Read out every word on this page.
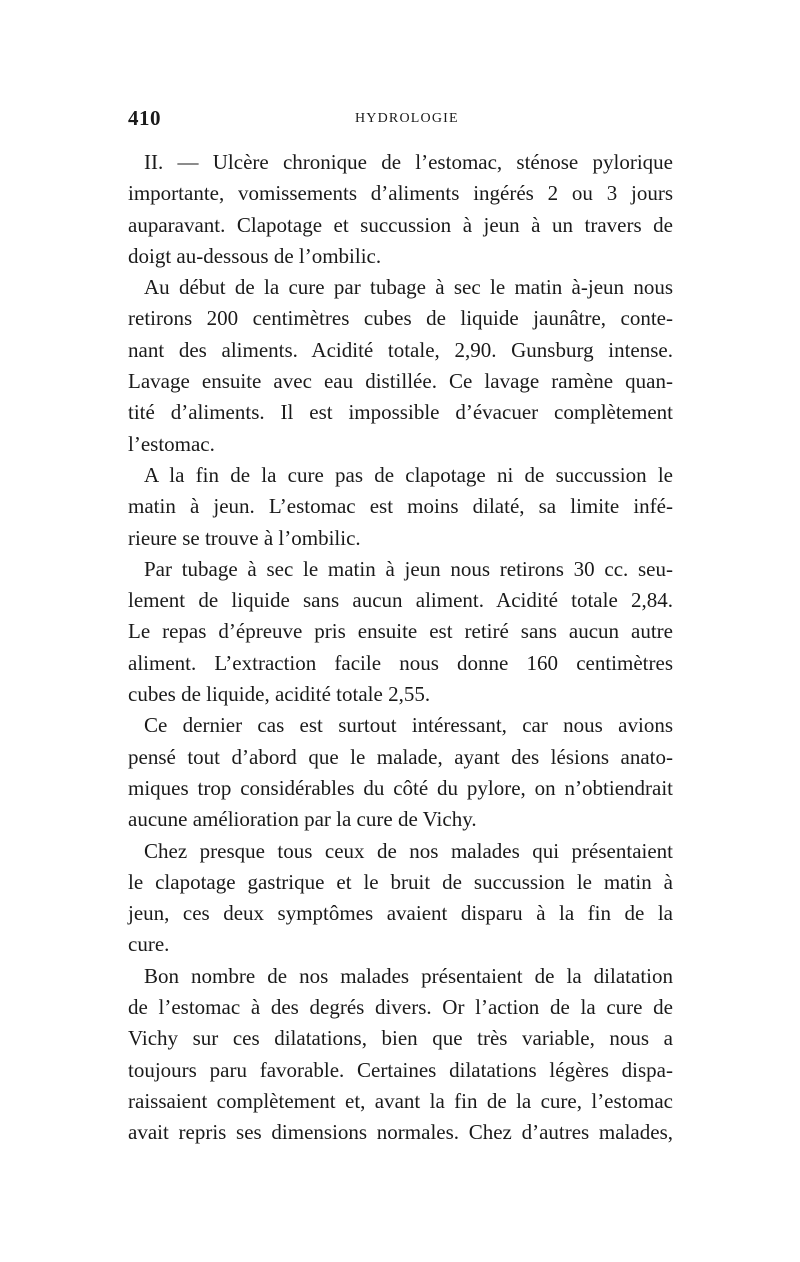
410	HYDROLOGIE
II. — Ulcère chronique de l’estomac, sténose pylorique
importante, vomissements d’aliments ingérés 2 ou 3 jours
auparavant. Clapotage et succussion à jeun à un travers de
doigt au-dessous de l’ombilic.
Au début de la cure par tubage à sec le matin à-jeun nous
retirons 200 centimètres cubes de liquide jaunâtre, conte-
nant des aliments. Acidité totale, 2,90. Gunsburg intense.
Lavage ensuite avec eau distillée. Ce lavage ramène quan-
tité d’aliments. Il est impossible d’évacuer complètement
l’estomac.
A la fin de la cure pas de clapotage ni de succussion le
matin à jeun. L’estomac est moins dilaté, sa limite infé-
rieure se trouve à l’ombilic.
Par tubage à sec le matin à jeun nous retirons 30 cc. seu-
lement de liquide sans aucun aliment. Acidité totale 2,84.
Le repas d’épreuve pris ensuite est retiré sans aucun autre
aliment. L’extraction facile nous donne 160 centimètres
cubes de liquide, acidité totale 2,55.
Ce dernier cas est surtout intéressant, car nous avions
pensé tout d’abord que le malade, ayant des lésions anato-
miques trop considérables du côté du pylore, on n’obtiendrait
aucune amélioration par la cure de Vichy.
Chez presque tous ceux de nos malades qui présentaient
le clapotage gastrique et le bruit de succussion le matin à
jeun, ces deux symptômes avaient disparu à la fin de la
cure.
Bon nombre de nos malades présentaient de la dilatation
de l’estomac à des degrés divers. Or l’action de la cure de
Vichy sur ces dilatations, bien que très variable, nous a
toujours paru favorable. Certaines dilatations légères dispa-
raissaient complètement et, avant la fin de la cure, l’estomac
avait repris ses dimensions normales. Chez d’autres malades,
